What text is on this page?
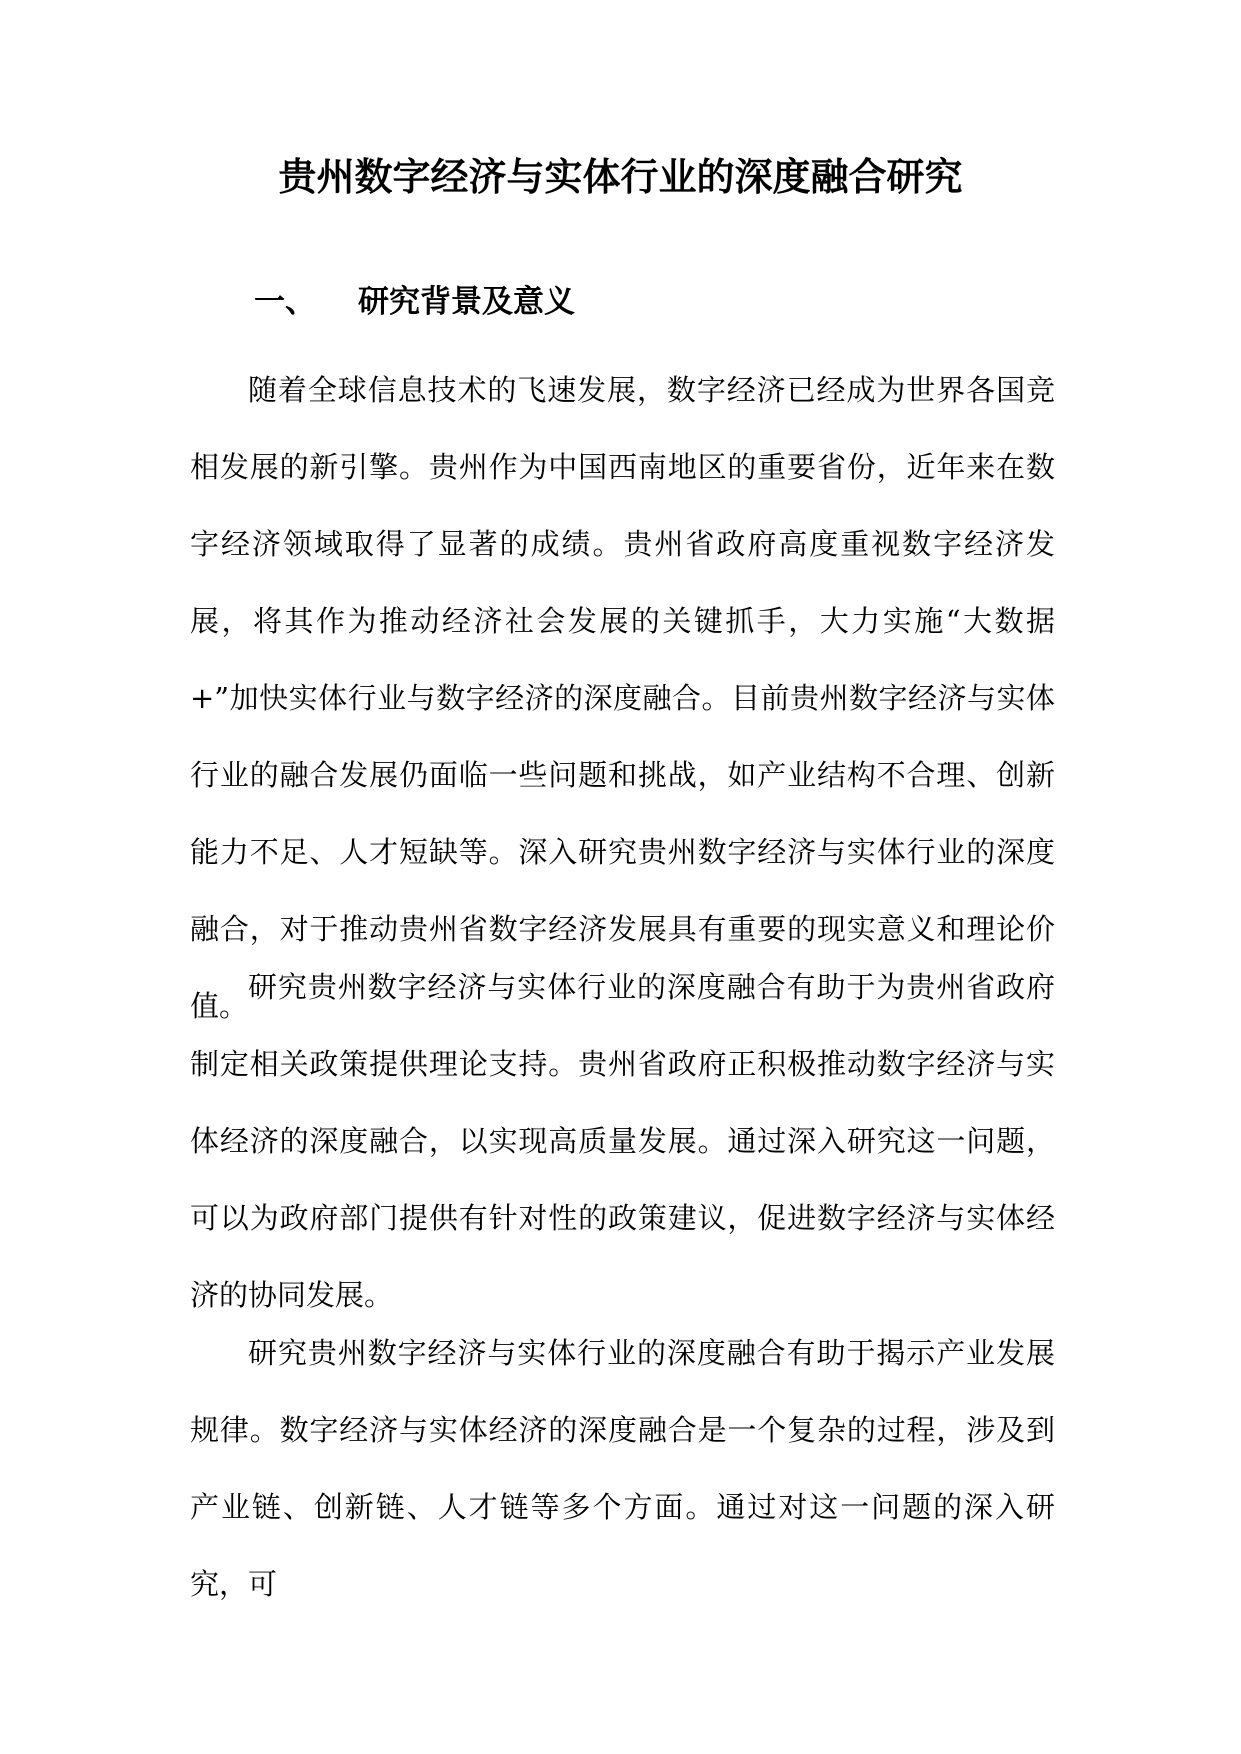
贵州数字经济与实体行业的深度融合研究
一、 研究背景及意义

随着全球信息技术的飞速发展，数字经济已经成为世界各国竞相发展的新引擎。贵州作为中国西南地区的重要省份，近年来在数字经济领域取得了显著的成绩。贵州省政府高度重视数字经济发展，将其作为推动经济社会发展的关键抓手，大力实施“大数据+”加快实体行业与数字经济的深度融合。目前贵州数字经济与实体行业的融合发展仍面临一些问题和挑战，如产业结构不合理、创新能力不足、人才短缺等。深入研究贵州数字经济与实体行业的深度融合，对于推动贵州省数字经济发展具有重要的现实意义和理论价值。

研究贵州数字经济与实体行业的深度融合有助于为贵州省政府制定相关政策提供理论支持。贵州省政府正积极推动数字经济与实体经济的深度融合，以实现高质量发展。通过深入研究这一问题，可以为政府部门提供有针对性的政策建议，促进数字经济与实体经济的协同发展。

研究贵州数字经济与实体行业的深度融合有助于揭示产业发展规律。数字经济与实体经济的深度融合是一个复杂的过程，涉及到产业链、创新链、人才链等多个方面。通过对这一问题的深入研究，可
